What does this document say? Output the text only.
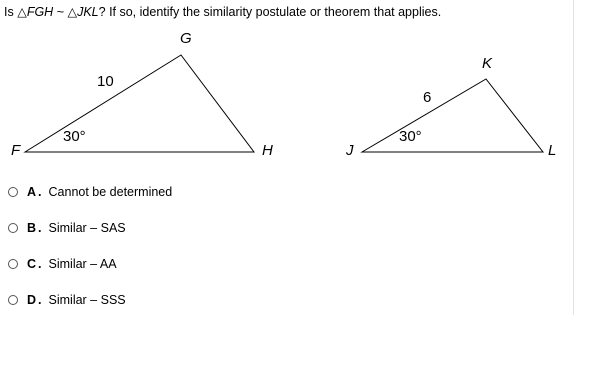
Is △FGH ~ △JKL? If so, identify the similarity postulate or theorem that applies.
F
G
H
10
30°
J
K
L
6
30°
A . Cannot be determined
B . Similar – SAS
C . Similar – AA
D . Similar – SSS
